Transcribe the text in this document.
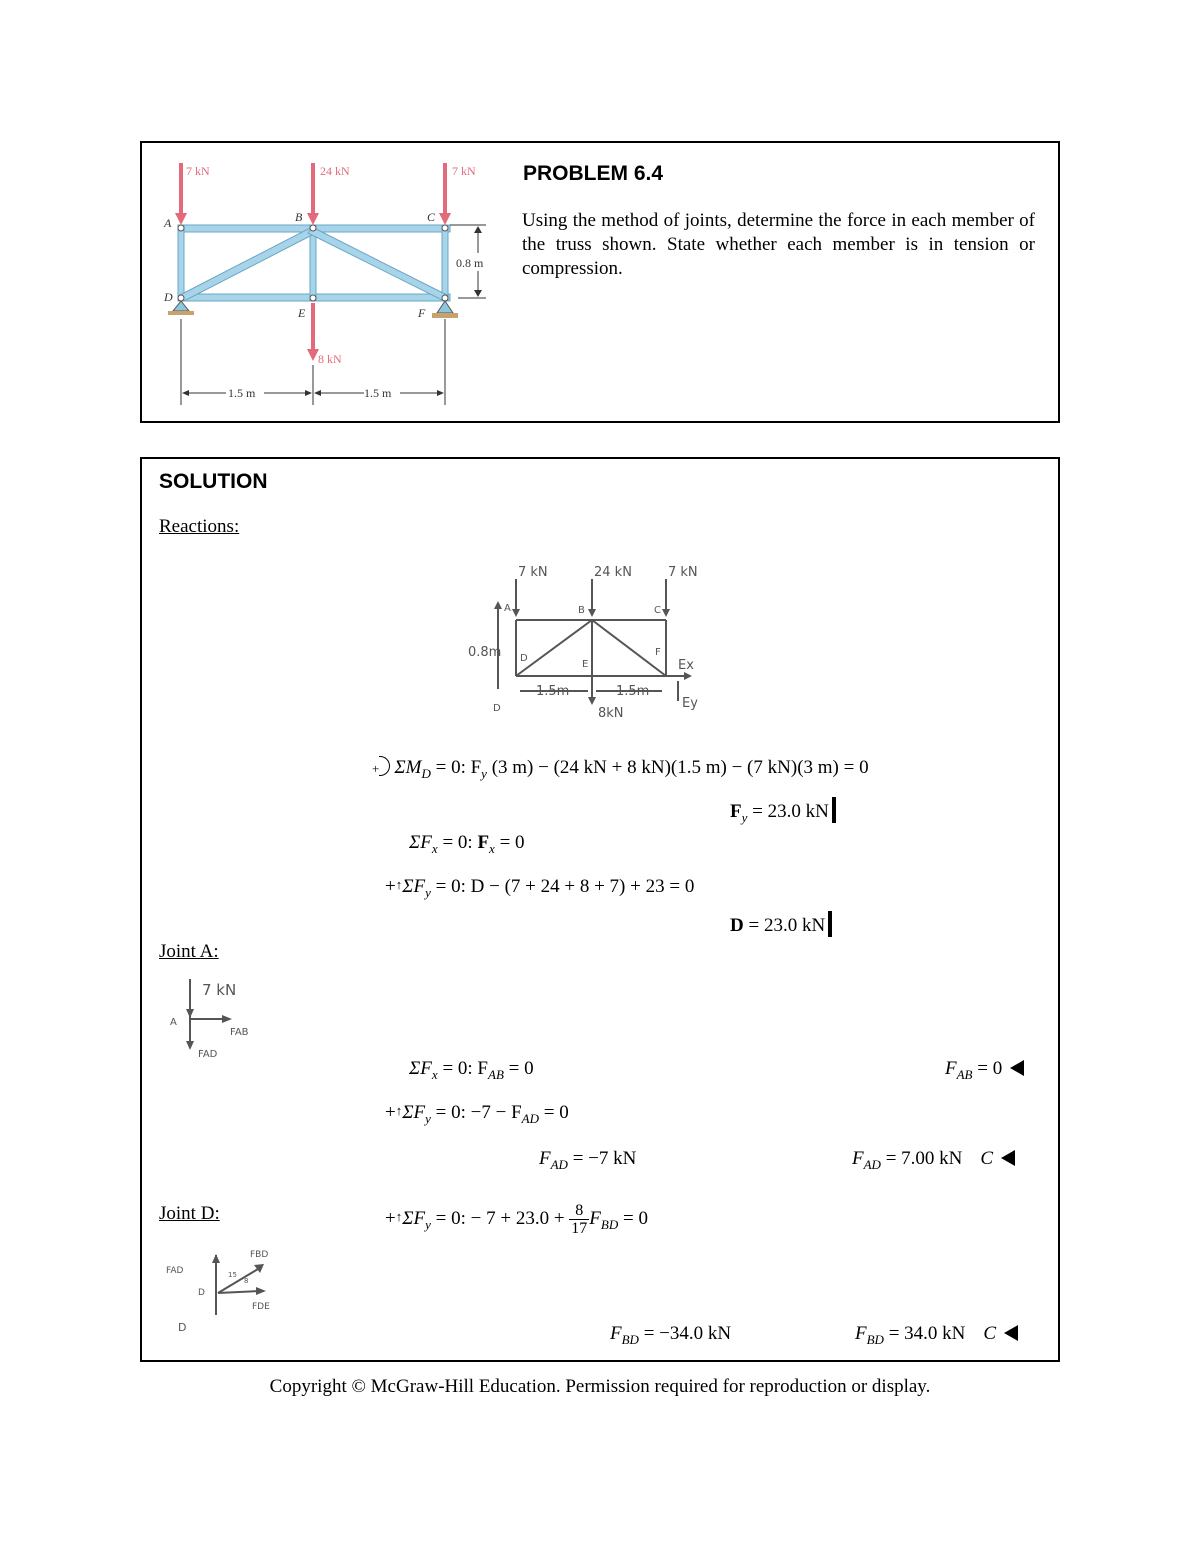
7 kN	24 kN	7 kN
8 kN
A	B	C
D
E	F
0.8 m
1.5 m	1.5 m
PROBLEM 6.4
Using the method of joints, determine the force in each member of the truss shown. State whether each member is in tension or compression.
SOLUTION
Reactions:
7 kN	24 kN	7 kN
0.8m
8kN
1.5m	1.5m
Ex
Ey
A	B	C
D
E
F
D
+ $\Sigma M_D = 0$: $F_y$ (3 m) − (24 kN + 8 kN)(1.5 m) − (7 kN)(3 m) = 0
$F_y = 23.0$ kN
$\Sigma F_x = 0$: $F_x = 0$
$+↑\Sigma F_y = 0$: D − (7 + 24 + 8 + 7) + 23 = 0
D = 23.0 kN
Joint A:
7 kN
A
FAB
FAD
$\Sigma F_x = 0$: $F_{AB} = 0$	$F_{AB} = 0$
$+↑\Sigma F_y = 0$: $-7 - F_{AD} = 0$
$F_{AD} = -7$ kN	$F_{AD} = 7.00$ kN C
Joint D:
FAD
FBD
FDE
D
D
15
8
$+↑\Sigma F_y = 0$: − $7 + 23.0 + \frac{8}{17} F_{BD} = 0$
$F_{BD} = -34.0$ kN	$F_{BD} = 34.0$ kN C
Copyright © McGraw-Hill Education. Permission required for reproduction or display.
